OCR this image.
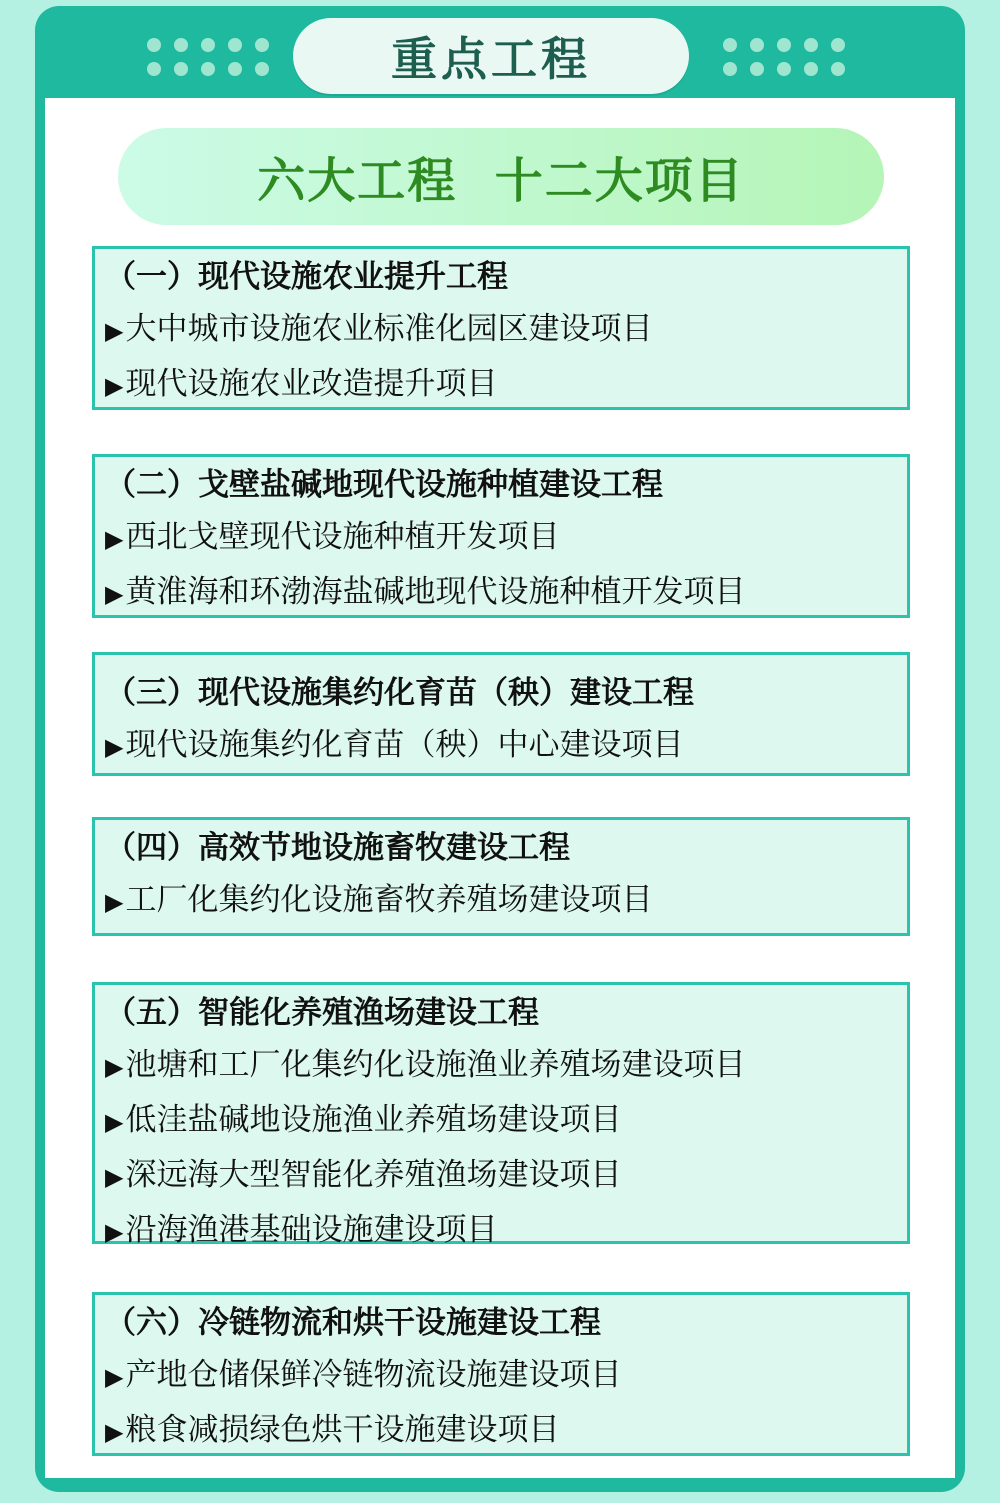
重点工程
六大工程  十二大项目
（一）现代设施农业提升工程
▶大中城市设施农业标准化园区建设项目
▶现代设施农业改造提升项目
（二）戈壁盐碱地现代设施种植建设工程
▶西北戈壁现代设施种植开发项目
▶黄淮海和环渤海盐碱地现代设施种植开发项目
（三）现代设施集约化育苗（秧）建设工程
▶现代设施集约化育苗（秧）中心建设项目
（四）高效节地设施畜牧建设工程
▶工厂化集约化设施畜牧养殖场建设项目
（五）智能化养殖渔场建设工程
▶池塘和工厂化集约化设施渔业养殖场建设项目
▶低洼盐碱地设施渔业养殖场建设项目
▶深远海大型智能化养殖渔场建设项目
▶沿海渔港基础设施建设项目
（六）冷链物流和烘干设施建设工程
▶产地仓储保鲜冷链物流设施建设项目
▶粮食减损绿色烘干设施建设项目
